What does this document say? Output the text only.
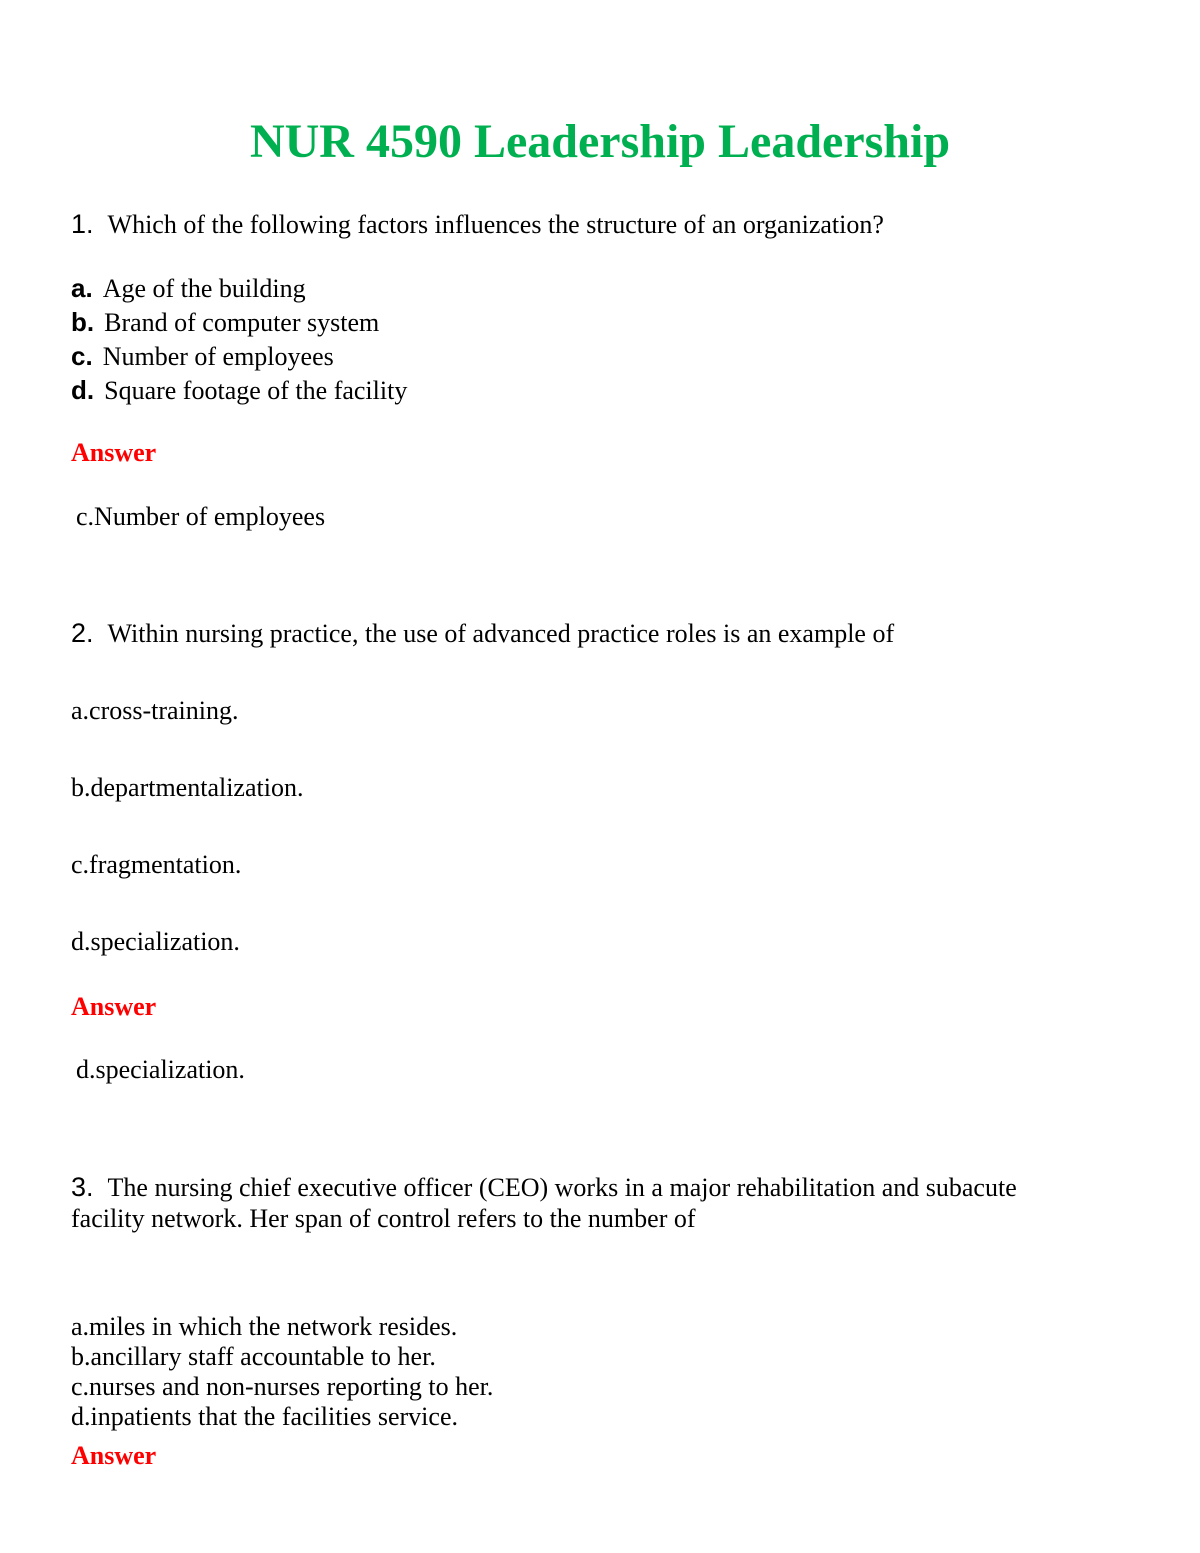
NUR 4590 Leadership Leadership
1. Which of the following factors influences the structure of an organization?
a. Age of the building
b. Brand of computer system
c. Number of employees
d. Square footage of the facility
Answer
c.Number of employees
2. Within nursing practice, the use of advanced practice roles is an example of
a.cross-training.
b.departmentalization.
c.fragmentation.
d.specialization.
Answer
d.specialization.
3. The nursing chief executive officer (CEO) works in a major rehabilitation and subacute
facility network. Her span of control refers to the number of
a.miles in which the network resides.
b.ancillary staff accountable to her.
c.nurses and non-nurses reporting to her.
d.inpatients that the facilities service.
Answer
